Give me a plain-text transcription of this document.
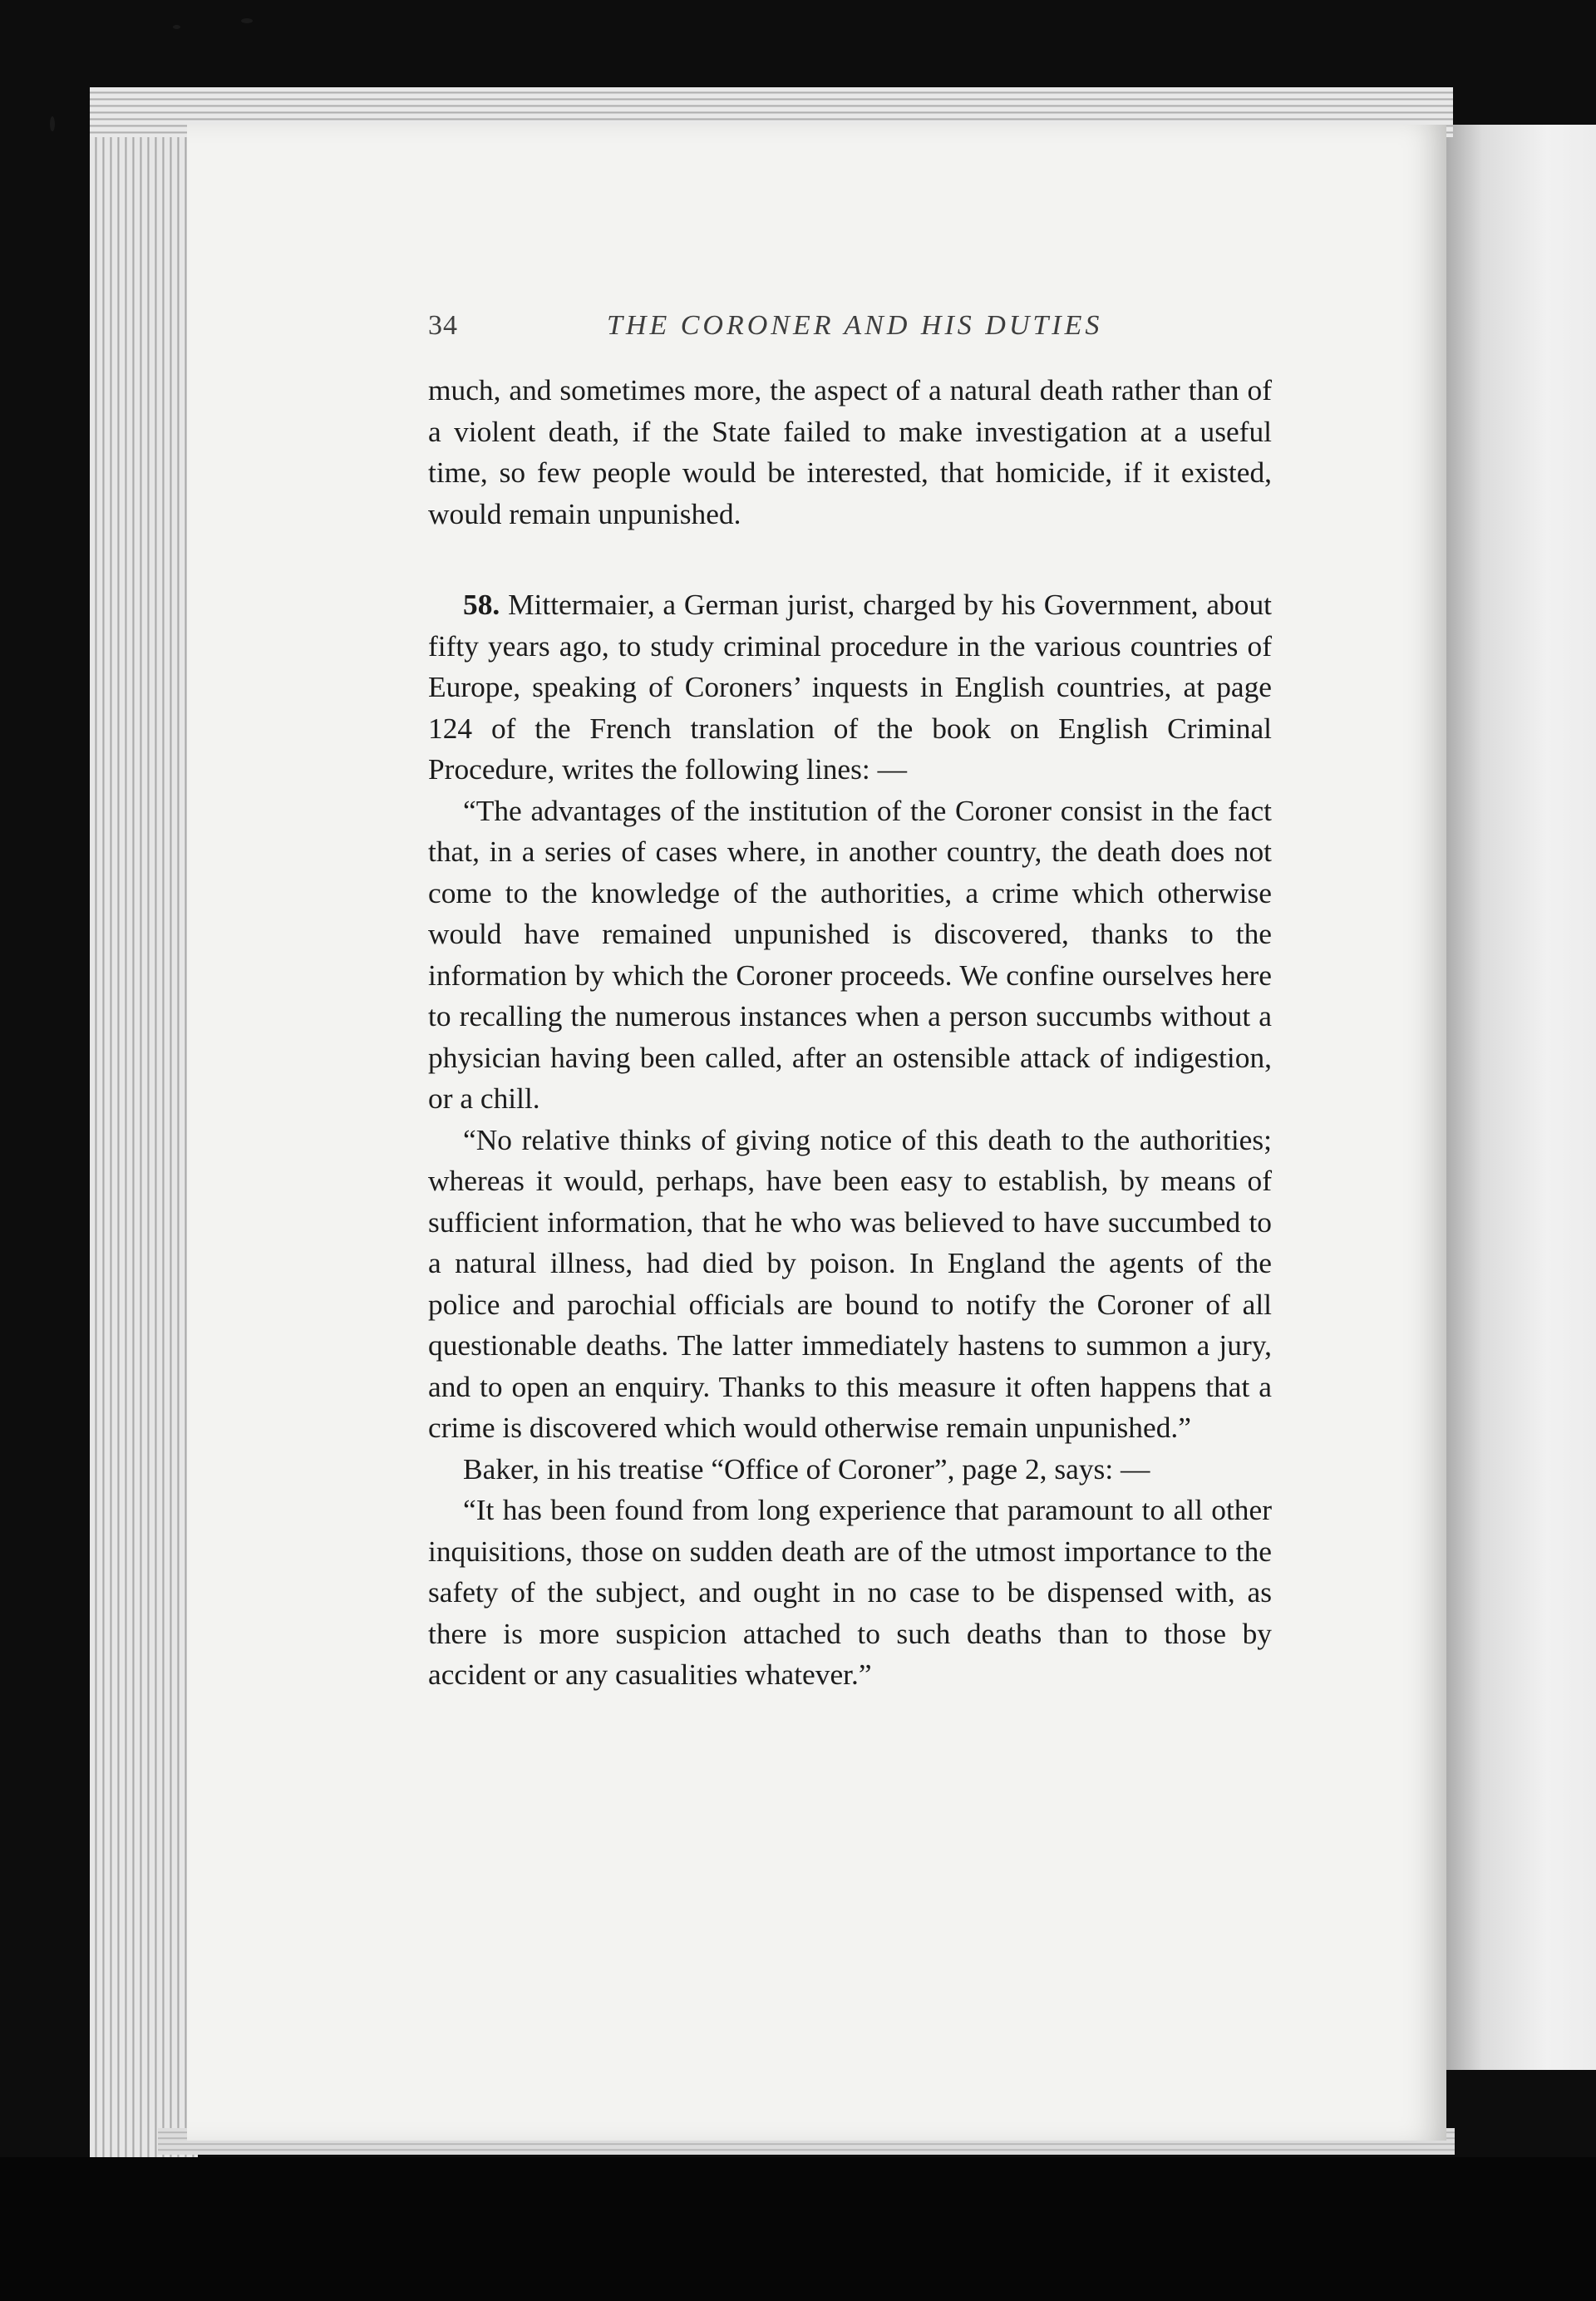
34	THE CORONER AND HIS DUTIES

much, and sometimes more, the aspect of a natural death rather than of a violent death, if the State failed to make investigation at a useful time, so few people would be interested, that homicide, if it existed, would remain unpunished.

58. Mittermaier, a German jurist, charged by his Government, about fifty years ago, to study criminal procedure in the various countries of Europe, speaking of Coroners’ inquests in English countries, at page 124 of the French translation of the book on English Criminal Procedure, writes the following lines: —

“The advantages of the institution of the Coroner consist in the fact that, in a series of cases where, in another country, the death does not come to the knowledge of the authorities, a crime which otherwise would have remained unpunished is discovered, thanks to the information by which the Coroner proceeds. We confine ourselves here to recalling the numerous instances when a person succumbs without a physician having been called, after an ostensible attack of indigestion, or a chill.

“No relative thinks of giving notice of this death to the authorities; whereas it would, perhaps, have been easy to establish, by means of sufficient information, that he who was believed to have succumbed to a natural illness, had died by poison. In England the agents of the police and parochial officials are bound to notify the Coroner of all questionable deaths. The latter immediately hastens to summon a jury, and to open an enquiry. Thanks to this measure it often happens that a crime is discovered which would otherwise remain unpunished.”

Baker, in his treatise “Office of Coroner”, page 2, says: —

“It has been found from long experience that paramount to all other inquisitions, those on sudden death are of the utmost importance to the safety of the subject, and ought in no case to be dispensed with, as there is more suspicion attached to such deaths than to those by accident or any casualities whatever.”
